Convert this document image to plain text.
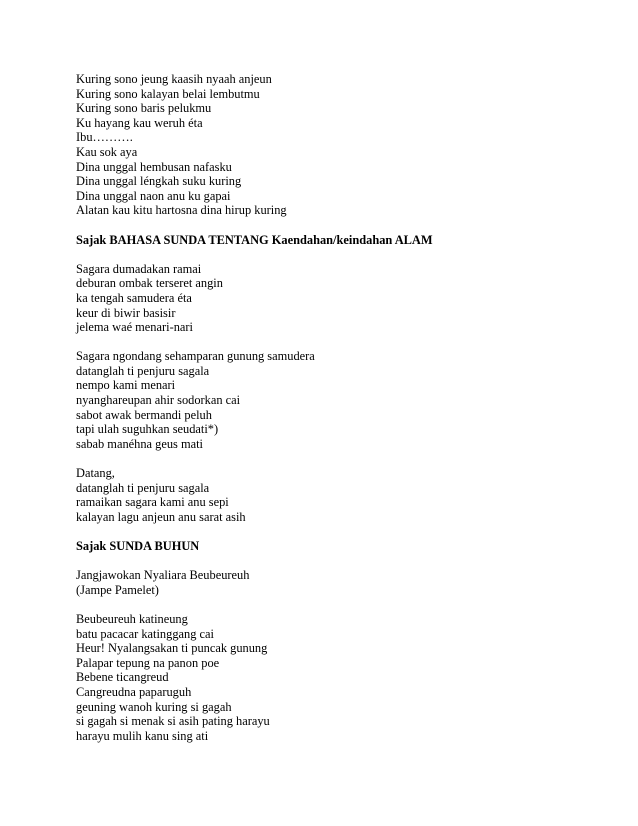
Kuring sono jeung kaasih nyaah anjeun
Kuring sono kalayan belai lembutmu
Kuring sono baris pelukmu
Ku hayang kau weruh éta
Ibu……….
Kau sok aya
Dina unggal hembusan nafasku
Dina unggal léngkah suku kuring
Dina unggal naon anu ku gapai
Alatan kau kitu hartosna dina hirup kuring
Sajak BAHASA SUNDA TENTANG Kaendahan/keindahan ALAM
Sagara dumadakan ramai
deburan ombak terseret angin
ka tengah samudera éta
keur di biwir basisir
jelema waé menari-nari
Sagara ngondang sehamparan gunung samudera
datanglah ti penjuru sagala
nempo kami menari
nyanghareupan ahir sodorkan cai
sabot awak bermandi peluh
tapi ulah suguhkan seudati*)
sabab manéhna geus mati
Datang,
datanglah ti penjuru sagala
ramaikan sagara kami anu sepi
kalayan lagu anjeun anu sarat asih
Sajak SUNDA BUHUN
Jangjawokan Nyaliara Beubeureuh
(Jampe Pamelet)
Beubeureuh katineung
batu pacacar katinggang cai
Heur! Nyalangsakan ti puncak gunung
Palapar tepung na panon poe
Bebene ticangreud
Cangreudna paparuguh
geuning wanoh kuring si gagah
si gagah si menak si asih pating harayu
harayu mulih kanu sing ati
